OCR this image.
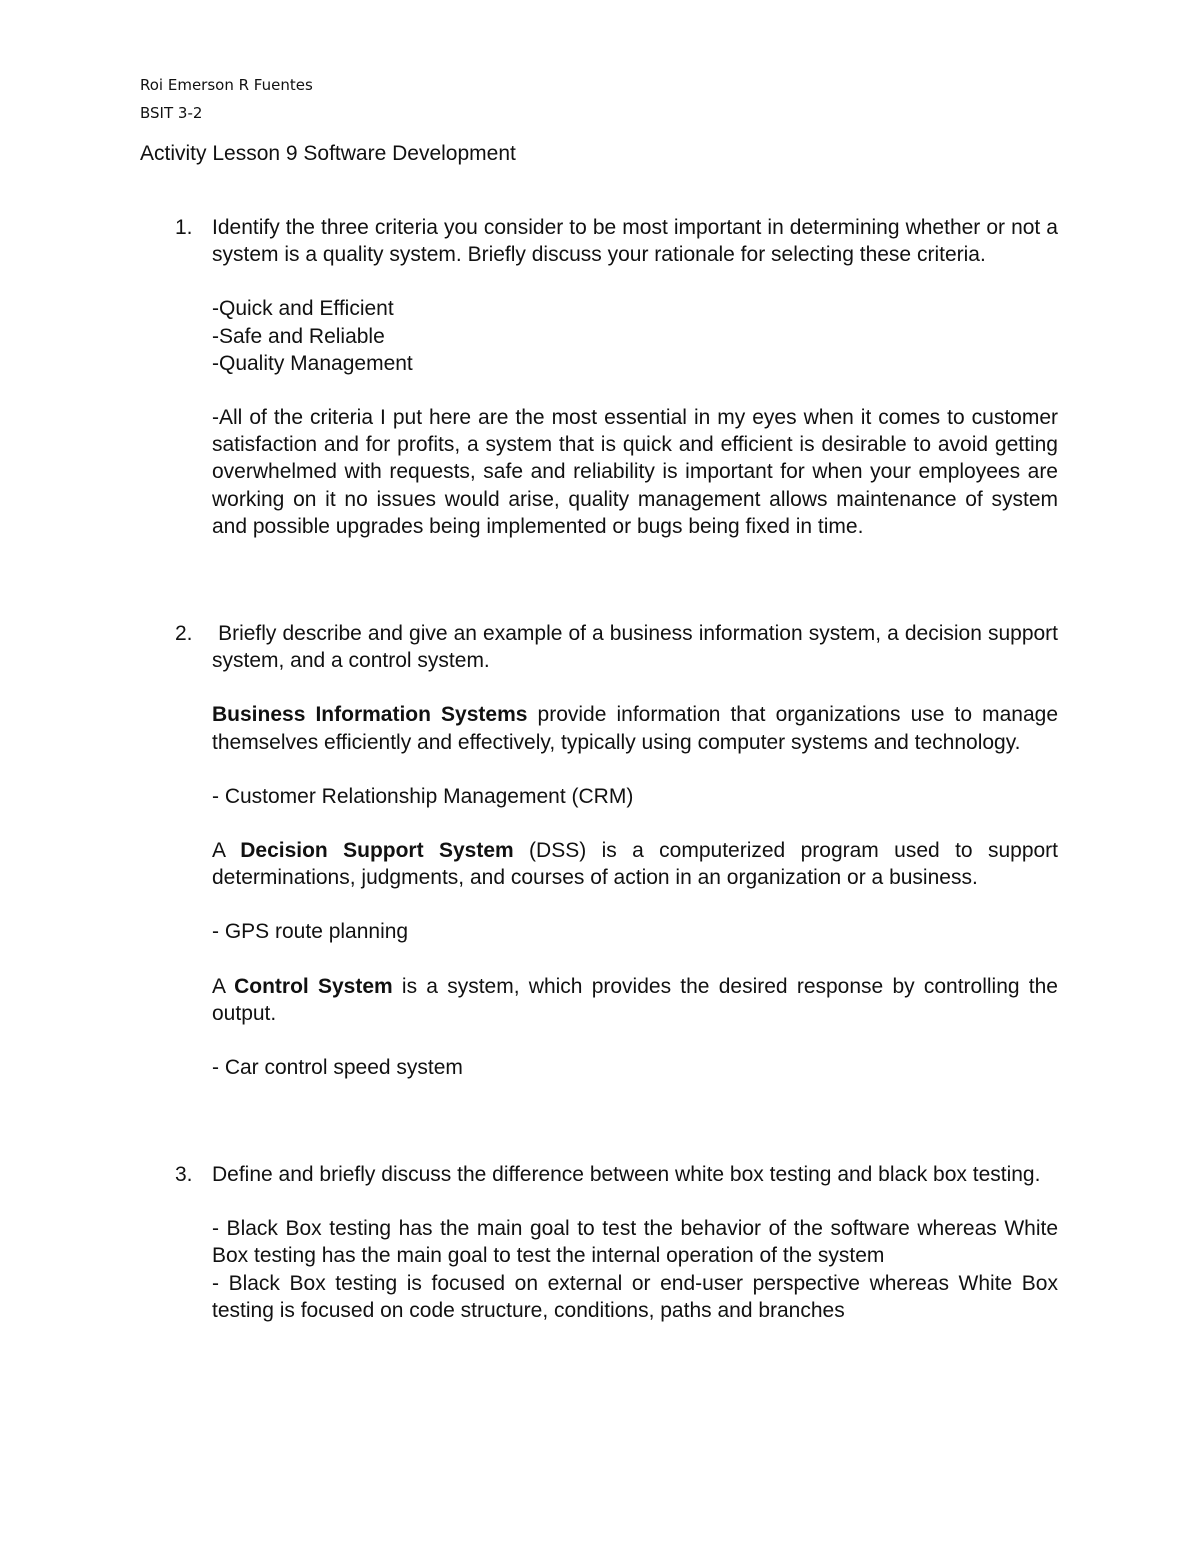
Roi Emerson R Fuentes
BSIT 3-2
Activity Lesson 9 Software Development
1. Identify the three criteria you consider to be most important in determining whether or not a system is a quality system. Briefly discuss your rationale for selecting these criteria.

-Quick and Efficient

-Safe and Reliable

-Quality Management

-All of the criteria I put here are the most essential in my eyes when it comes to customer satisfaction and for profits, a system that is quick and efficient is desirable to avoid getting overwhelmed with requests, safe and reliability is important for when your employees are working on it no issues would arise, quality management allows maintenance of system and possible upgrades being implemented or bugs being fixed in time.

2. Briefly describe and give an example of a business information system, a decision support system, and a control system.

Business Information Systems provide information that organizations use to manage themselves efficiently and effectively, typically using computer systems and technology.

- Customer Relationship Management (CRM)

A Decision Support System (DSS) is a computerized program used to support determinations, judgments, and courses of action in an organization or a business.

- GPS route planning

A Control System is a system, which provides the desired response by controlling the output.

- Car control speed system

3. Define and briefly discuss the difference between white box testing and black box testing.

- Black Box testing has the main goal to test the behavior of the software whereas White Box testing has the main goal to test the internal operation of the system

- Black Box testing is focused on external or end-user perspective whereas White Box testing is focused on code structure, conditions, paths and branches
